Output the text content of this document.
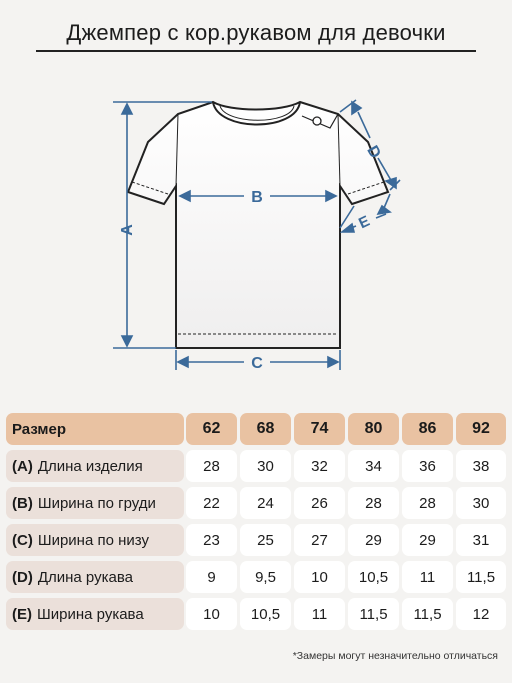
Джемпер с кор.рукавом для девочки
A
B
C
D
E
Размер	62	68	74	80	86	92
(A) Длина изделия	28	30	32	34	36	38
(B) Ширина по груди	22	24	26	28	28	30
(C) Ширина по низу	23	25	27	29	29	31
(D) Длина рукава	9	9,5	10	10,5	11	11,5
(E) Ширина рукава	10	10,5	11	11,5	11,5	12
*Замеры могут незначительно отличаться
